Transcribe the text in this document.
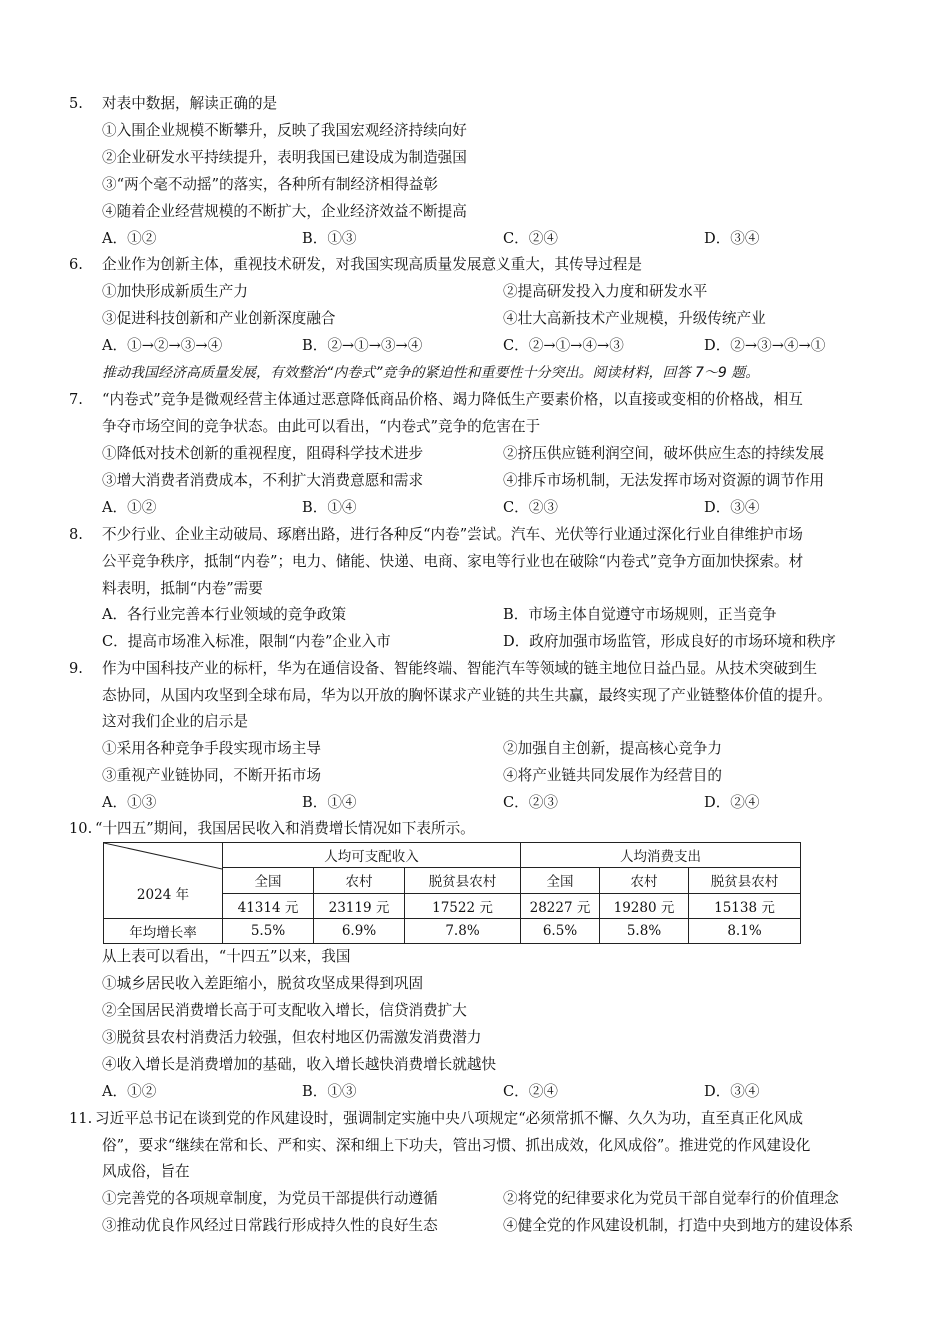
5. 对表中数据，解读正确的是
①入围企业规模不断攀升，反映了我国宏观经济持续向好
②企业研发水平持续提升，表明我国已建设成为制造强国
③“两个毫不动摇”的落实，各种所有制经济相得益彰
④随着企业经营规模的不断扩大，企业经济效益不断提高
A．①②	B．①③	C．②④	D．③④
6. 企业作为创新主体，重视技术研发，对我国实现高质量发展意义重大，其传导过程是
①加快形成新质生产力	②提高研发投入力度和研发水平
③促进科技创新和产业创新深度融合	④壮大高新技术产业规模，升级传统产业
A．①→②→③→④	B．②→①→③→④	C．②→①→④→③	D．②→③→④→①
推动我国经济高质量发展，有效整治“内卷式”竞争的紧迫性和重要性十分突出。阅读材料，回答 7～9 题。
7. “内卷式”竞争是微观经营主体通过恶意降低商品价格、竭力降低生产要素价格，以直接或变相的价格战，相互
争夺市场空间的竞争状态。由此可以看出，“内卷式”竞争的危害在于
①降低对技术创新的重视程度，阻碍科学技术进步	②挤压供应链利润空间，破坏供应生态的持续发展
③增大消费者消费成本，不利扩大消费意愿和需求	④排斥市场机制，无法发挥市场对资源的调节作用
A．①②	B．①④	C．②③	D．③④
8. 不少行业、企业主动破局、琢磨出路，进行各种反“内卷”尝试。汽车、光伏等行业通过深化行业自律维护市场
公平竞争秩序，抵制“内卷”；电力、储能、快递、电商、家电等行业也在破除“内卷式”竞争方面加快探索。材
料表明，抵制“内卷”需要
A．各行业完善本行业领域的竞争政策	B．市场主体自觉遵守市场规则，正当竞争
C．提高市场准入标准，限制“内卷”企业入市	D．政府加强市场监管，形成良好的市场环境和秩序
9. 作为中国科技产业的标杆，华为在通信设备、智能终端、智能汽车等领域的链主地位日益凸显。从技术突破到生
态协同，从国内攻坚到全球布局，华为以开放的胸怀谋求产业链的共生共赢，最终实现了产业链整体价值的提升。
这对我们企业的启示是
①采用各种竞争手段实现市场主导	②加强自主创新，提高核心竞争力
③重视产业链协同，不断开拓市场	④将产业链共同发展作为经营目的
A．①③	B．①④	C．②③	D．②④
10. “十四五”期间，我国居民收入和消费增长情况如下表所示。
	人均可支配收入			人均消费支出		
	全国	农村	脱贫县农村	全国	农村	脱贫县农村
2024 年	41314 元	23119 元	17522 元	28227 元	19280 元	15138 元
年均增长率	5.5%	6.9%	7.8%	6.5%	5.8%	8.1%
从上表可以看出，“十四五”以来，我国
①城乡居民收入差距缩小，脱贫攻坚成果得到巩固
②全国居民消费增长高于可支配收入增长，信贷消费扩大
③脱贫县农村消费活力较强，但农村地区仍需激发消费潜力
④收入增长是消费增加的基础，收入增长越快消费增长就越快
A．①②	B．①③	C．②④	D．③④
11. 习近平总书记在谈到党的作风建设时，强调制定实施中央八项规定“必须常抓不懈、久久为功，直至真正化风成
俗”，要求“继续在常和长、严和实、深和细上下功夫，管出习惯、抓出成效，化风成俗”。推进党的作风建设化
风成俗，旨在
①完善党的各项规章制度，为党员干部提供行动遵循	②将党的纪律要求化为党员干部自觉奉行的价值理念
③推动优良作风经过日常践行形成持久性的良好生态	④健全党的作风建设机制，打造中央到地方的建设体系
